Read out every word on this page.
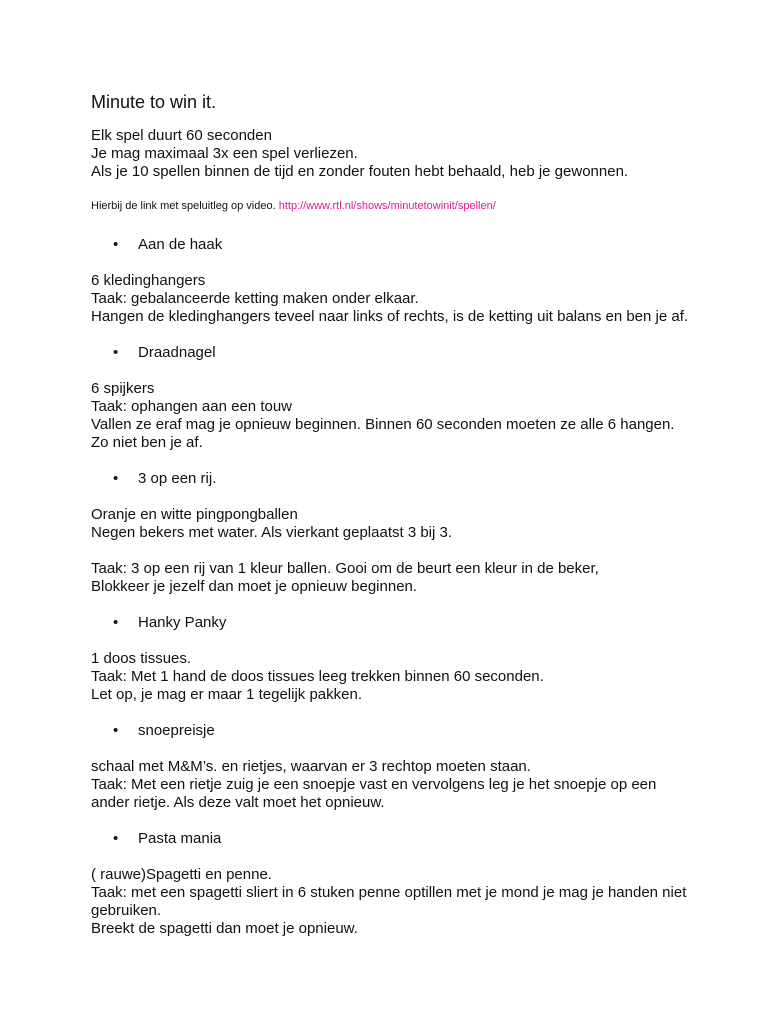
Minute to win it.
Elk spel duurt 60 seconden
Je mag maximaal 3x een spel verliezen.
Als je 10 spellen binnen de tijd en zonder fouten hebt behaald, heb je gewonnen.
Hierbij de link met speluitleg op video. http://www.rtl.nl/shows/minutetowinit/spellen/
•	Aan de haak
6 kledinghangers
Taak: gebalanceerde ketting maken onder elkaar.
Hangen de kledinghangers teveel naar links of rechts, is de ketting uit balans en ben je af.
•	Draadnagel
6 spijkers
Taak: ophangen aan een touw
Vallen ze eraf mag je opnieuw beginnen. Binnen 60 seconden moeten ze alle 6 hangen. Zo niet ben je af.
•	3 op een rij.
Oranje en witte pingpongballen
Negen bekers met water. Als vierkant geplaatst 3 bij 3.
Taak: 3 op een rij van 1 kleur ballen. Gooi om de beurt een kleur in de beker,
Blokkeer je jezelf dan moet je opnieuw beginnen.
•	Hanky Panky
1 doos tissues.
Taak: Met 1 hand de doos tissues leeg trekken binnen 60 seconden.
Let op, je mag er maar 1 tegelijk pakken.
•	snoepreisje
schaal met M&M’s. en rietjes, waarvan er 3 rechtop moeten staan.
Taak: Met een rietje zuig je een snoepje vast en vervolgens leg je het snoepje op een ander rietje. Als deze valt moet het opnieuw.
•	Pasta mania
( rauwe)Spagetti en penne.
Taak: met een spagetti sliert in 6 stuken penne optillen met je mond je mag je handen niet gebruiken.
Breekt de spagetti dan moet je opnieuw.
